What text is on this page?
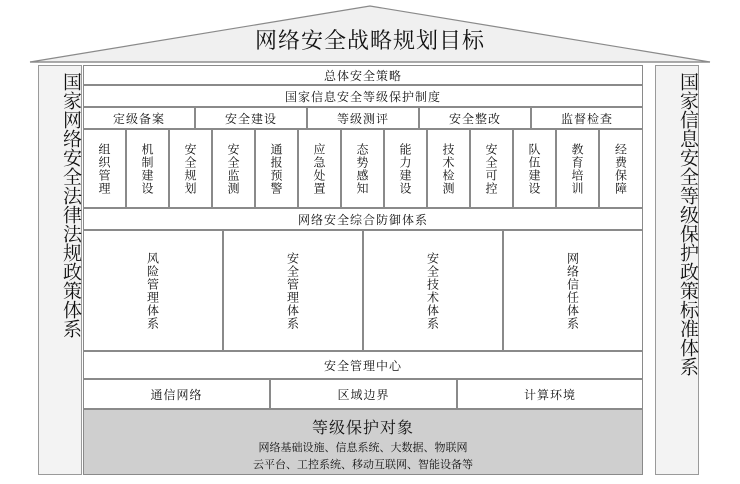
网络安全战略规划目标
国家网络安全法律法规政策体系	国家信息安全等级保护政策标准体系
总体安全策略
国家信息安全等级保护制度
定级备案	安全建设	等级测评	安全整改	监督检查
组织管理 机制建设 安全规划 安全监测 通报预警 应急处置 态势感知 能力建设 技术检测 安全可控 队伍建设 教育培训 经费保障
网络安全综合防御体系
风险管理体系	安全管理体系	安全技术体系	网络信任体系
安全管理中心
通信网络	区域边界	计算环境
等级保护对象
网络基础设施、信息系统、大数据、物联网
云平台、工控系统、移动互联网、智能设备等
